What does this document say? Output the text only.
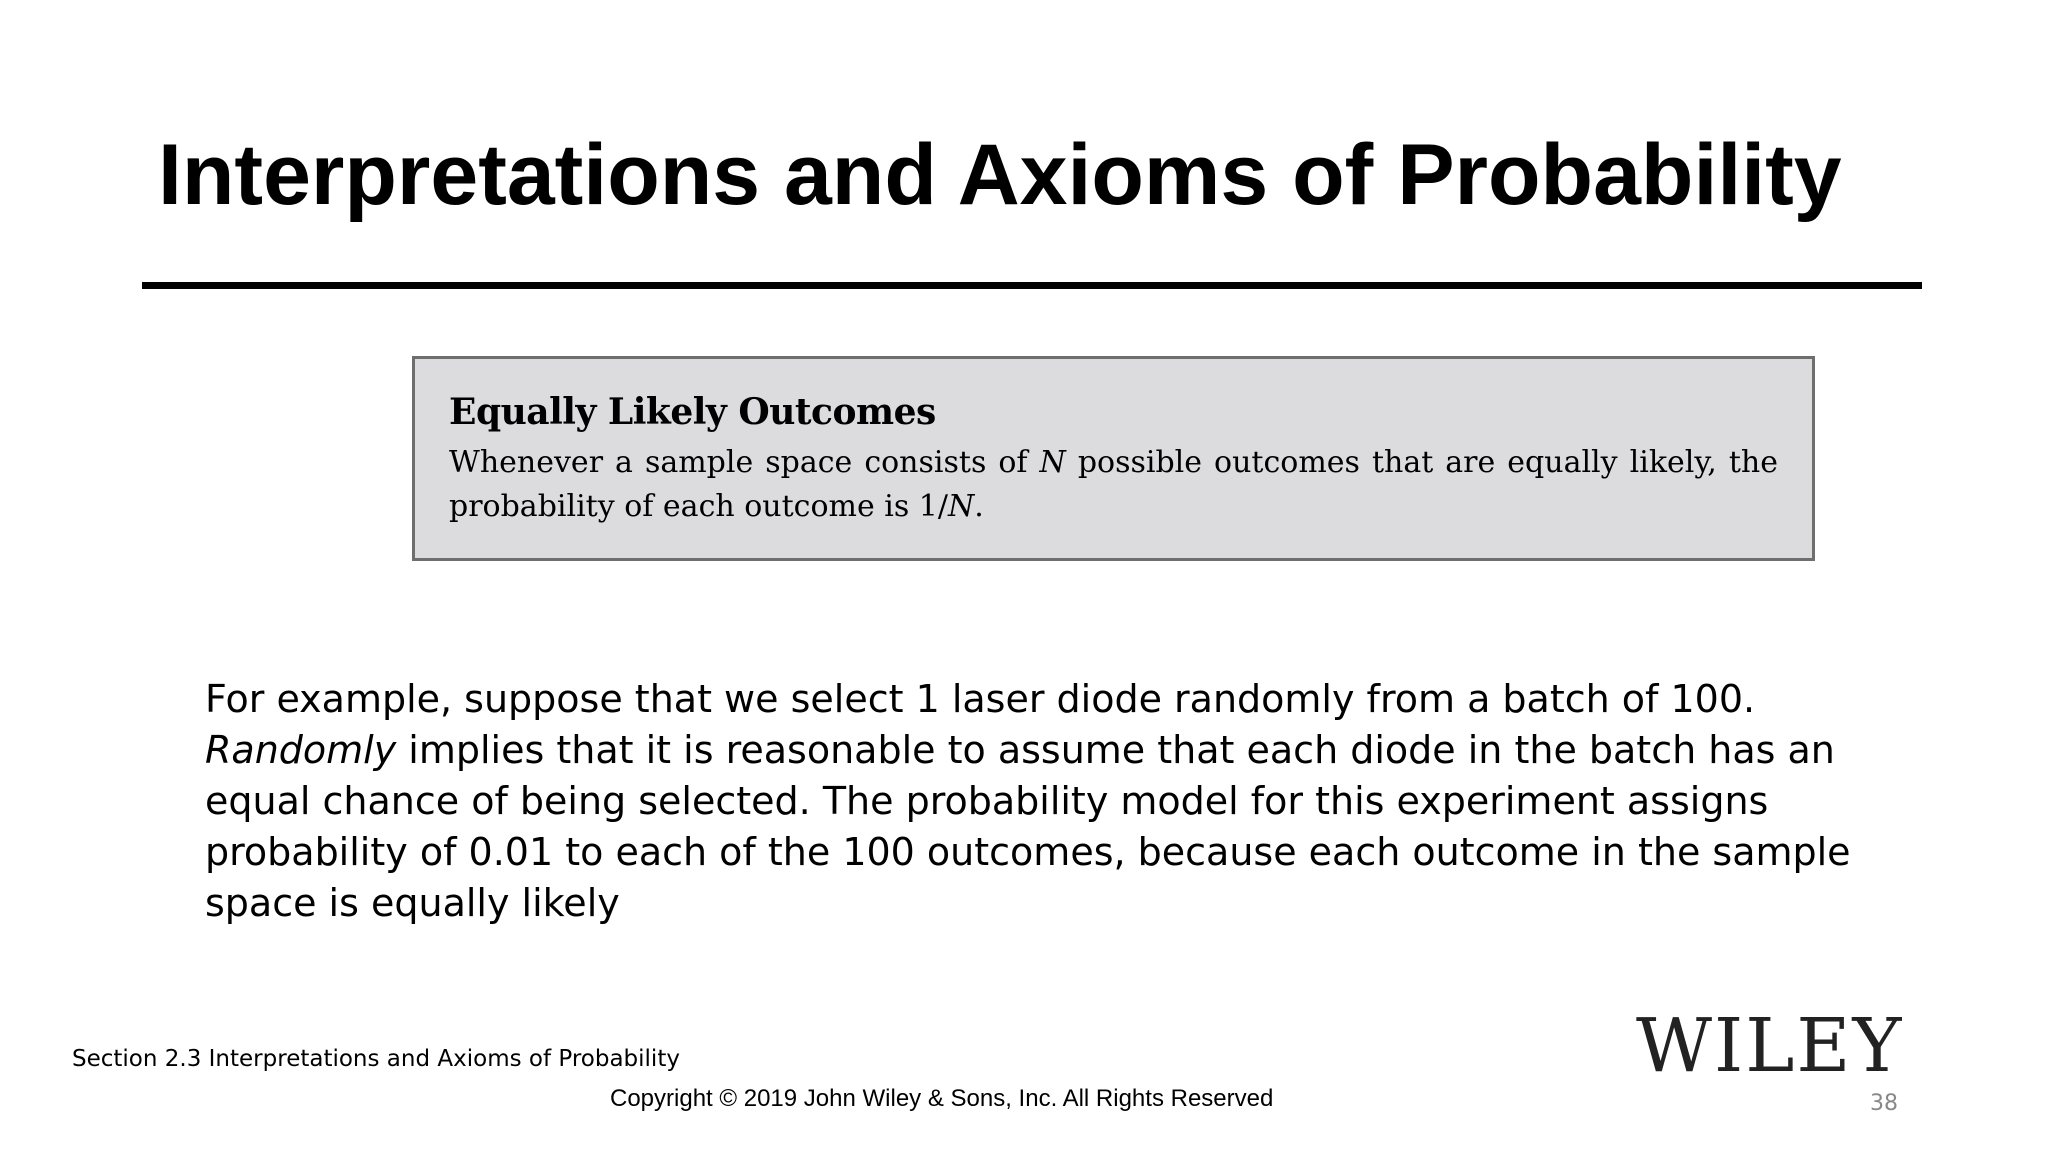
Interpretations and Axioms of Probability

Equally Likely Outcomes

Whenever a sample space consists of N possible outcomes that are equally likely, the probability of each outcome is 1/N.

For example, suppose that we select 1 laser diode randomly from a batch of 100.
Randomly implies that it is reasonable to assume that each diode in the batch has an equal chance of being selected. The probability model for this experiment assigns probability of 0.01 to each of the 100 outcomes, because each outcome in the sample space is equally likely

Section 2.3 Interpretations and Axioms of Probability
Copyright © 2019 John Wiley & Sons, Inc. All Rights Reserved
WILEY
38
